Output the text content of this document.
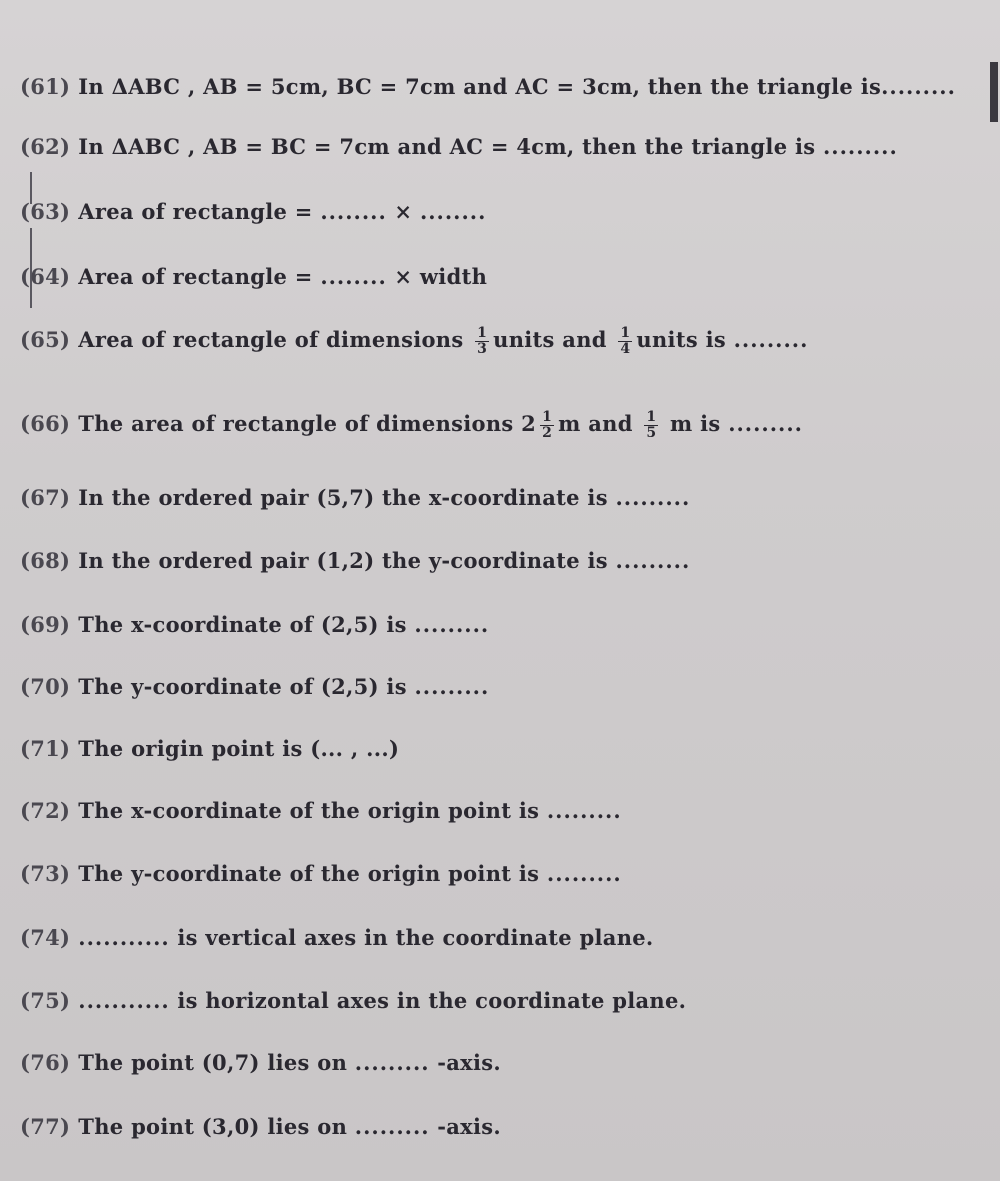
(61) In ΔABC , AB = 5cm, BC = 7cm and AC = 3cm, then the triangle is.........
(62) In ΔABC , AB = BC = 7cm and AC = 4cm, then the triangle is .........
(63) Area of rectangle = ........ × ........
(64) Area of rectangle = ........ × width
(65) Area of rectangle of dimensions $\frac{1}{3}$ units and $\frac{1}{4}$ units is .........
(66) The area of rectangle of dimensions $2 \frac{1}{2}$ m and $\frac{1}{5}$ m is .........
(67) In the ordered pair (5,7) the x-coordinate is .........
(68) In the ordered pair (1,2) the y-coordinate is .........
(69) The x-coordinate of (2,5) is .........
(70) The y-coordinate of (2,5) is .........
(71) The origin point is (... , ...)
(72) The x-coordinate of the origin point is .........
(73) The y-coordinate of the origin point is .........
(74) ........... is vertical axes in the coordinate plane.
(75) ........... is horizontal axes in the coordinate plane.
(76) The point (0,7) lies on ......... -axis.
(77) The point (3,0) lies on ......... -axis.
